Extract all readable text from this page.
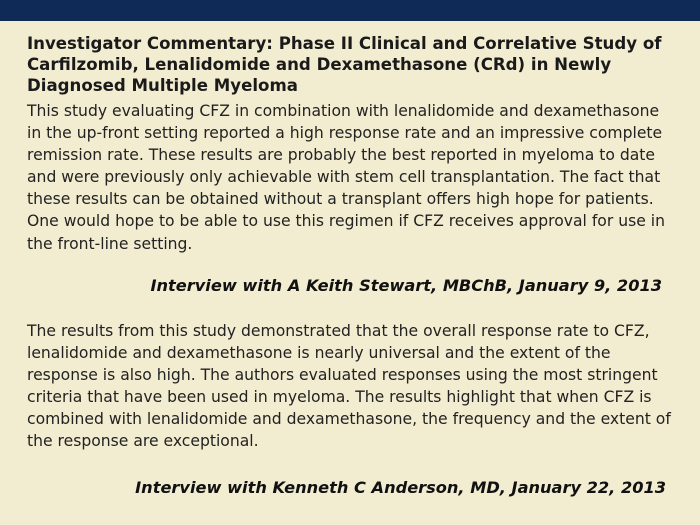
Investigator Commentary: Phase II Clinical and Correlative Study of Carfilzomib, Lenalidomide and Dexamethasone (CRd) in Newly Diagnosed Multiple Myeloma

This study evaluating CFZ in combination with lenalidomide and dexamethasone in the up-front setting reported a high response rate and an impressive complete remission rate. These results are probably the best reported in myeloma to date and were previously only achievable with stem cell transplantation. The fact that these results can be obtained without a transplant offers high hope for patients. One would hope to be able to use this regimen if CFZ receives approval for use in the front-line setting.

Interview with A Keith Stewart, MBChB, January 9, 2013

The results from this study demonstrated that the overall response rate to CFZ, lenalidomide and dexamethasone is nearly universal and the extent of the response is also high. The authors evaluated responses using the most stringent criteria that have been used in myeloma. The results highlight that when CFZ is combined with lenalidomide and dexamethasone, the frequency and the extent of the response are exceptional.

Interview with Kenneth C Anderson, MD, January 22, 2013
